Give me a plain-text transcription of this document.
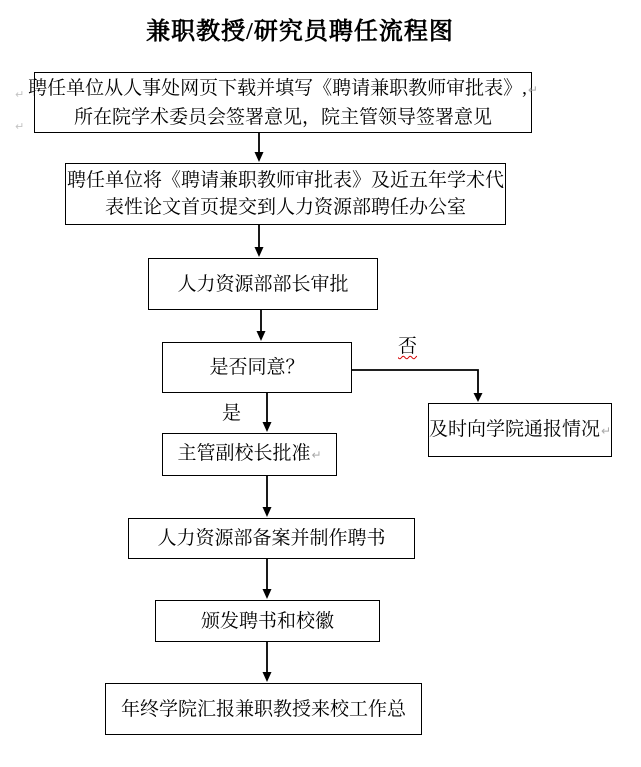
兼职教授/研究员聘任流程图
↵
↵
聘任单位从人事处网页下载并填写《聘请兼职教师审批表》,↵
所在院学术委员会签署意见，院主管领导签署意见
聘任单位将《聘请兼职教师审批表》及近五年学术代
表性论文首页提交到人力资源部聘任办公室
人力资源部部长审批
是否同意？
是
否
主管副校长批准↵
人力资源部备案并制作聘书
颁发聘书和校徽
年终学院汇报兼职教授来校工作总
及时向学院通报情况↵
